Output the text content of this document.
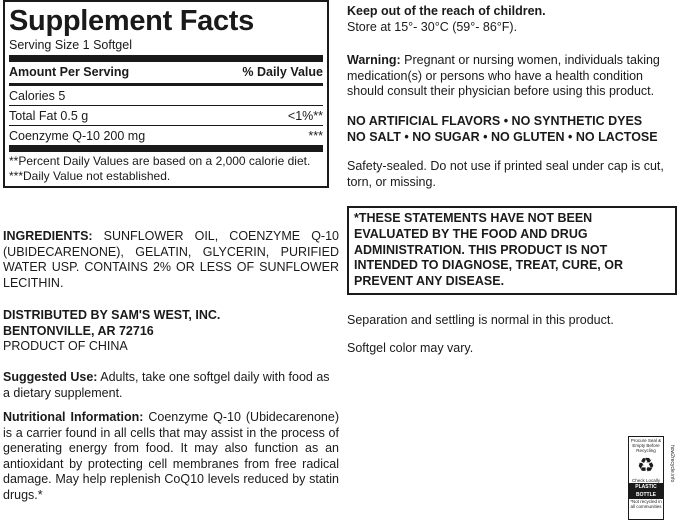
Supplement Facts
Serving Size 1 Softgel
Amount Per Serving	% Daily Value
Calories 5
Total Fat 0.5 g	<1%**
Coenzyme Q-10 200 mg	***
**Percent Daily Values are based on a 2,000 calorie diet.
***Daily Value not established.

INGREDIENTS: SUNFLOWER OIL, COENZYME Q-10 (UBIDECARENONE), GELATIN, GLYCERIN, PURIFIED WATER USP. CONTAINS 2% OR LESS OF SUNFLOWER LECITHIN.

DISTRIBUTED BY SAM'S WEST, INC.

BENTONVILLE, AR 72716

PRODUCT OF CHINA

Suggested Use: Adults, take one softgel daily with food as a dietary supplement.

Nutritional Information: Coenzyme Q-10 (Ubidecarenone) is a carrier found in all cells that may assist in the process of generating energy from food. It may also function as an antioxidant by protecting cell membranes from free radical damage. May help replenish CoQ10 levels reduced by statin drugs.*

Keep out of the reach of children.

Store at 15°- 30°C (59°- 86°F).

Warning: Pregnant or nursing women, individuals taking medication(s) or persons who have a health condition should consult their physician before using this product.

NO ARTIFICIAL FLAVORS • NO SYNTHETIC DYES

NO SALT • NO SUGAR • NO GLUTEN • NO LACTOSE

Safety-sealed. Do not use if printed seal under cap is cut, torn, or missing.

*THESE STATEMENTS HAVE NOT BEEN EVALUATED BY THE FOOD AND DRUG ADMINISTRATION. THIS PRODUCT IS NOT INTENDED TO DIAGNOSE, TREAT, CURE, OR PREVENT ANY DISEASE.

Separation and settling is normal in this product.

Softgel color may vary.

Procure Seal & Empty Before Recycling
♻
Check Locally
PLASTIC
BOTTLE
*Not recycled in all communities
how2recycle.info
